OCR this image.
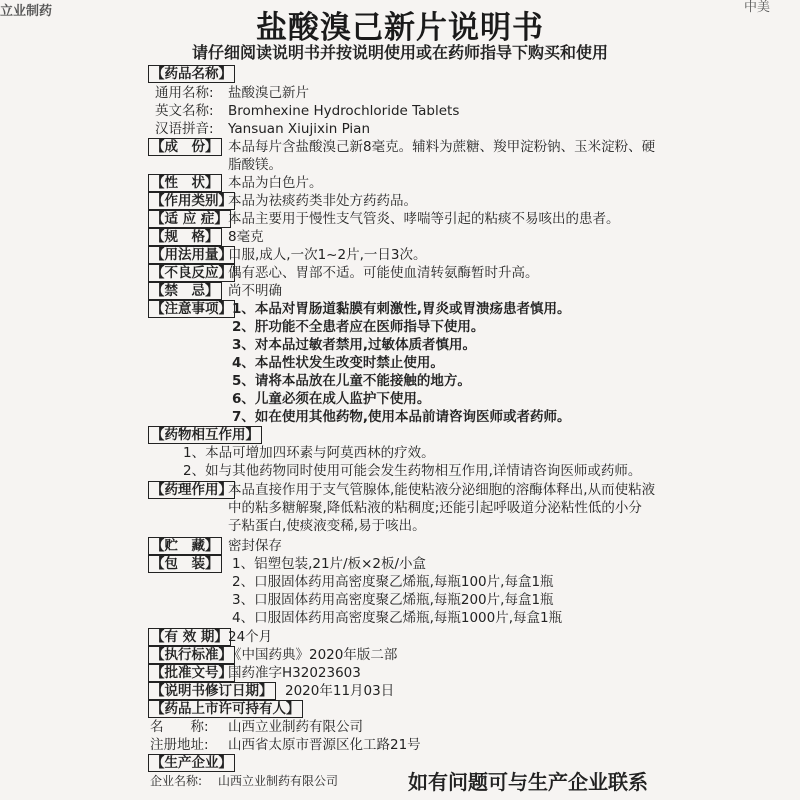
立业制药	中美
盐酸溴己新片说明书
请仔细阅读说明书并按说明使用或在药师指导下购买和使用
【药品名称】
通用名称: 盐酸溴己新片
英文名称: Bromhexine Hydrochloride Tablets
汉语拼音: Yansuan Xiujixin Pian
【成　份】 本品每片含盐酸溴己新8毫克。辅料为蔗糖、羧甲淀粉钠、玉米淀粉、硬
脂酸镁。
【性　状】 本品为白色片。
【作用类别】
本品为祛痰药类非处方药药品。
【适 应 症】 本品主要用于慢性支气管炎、哮喘等引起的粘痰不易咳出的患者。
【规　格】 8毫克
【用法用量】
口服,成人,一次1~2片,一日3次。
【不良反应】
偶有恶心、胃部不适。可能使血清转氨酶暂时升高。
【禁　忌】 尚不明确
【注意事项】 1、本品对胃肠道黏膜有刺激性,胃炎或胃溃疡患者慎用。
2、肝功能不全患者应在医师指导下使用。
3、对本品过敏者禁用,过敏体质者慎用。
4、本品性状发生改变时禁止使用。
5、请将本品放在儿童不能接触的地方。
6、儿童必须在成人监护下使用。
7、如在使用其他药物,使用本品前请咨询医师或者药师。
【药物相互作用】
1、本品可增加四环素与阿莫西林的疗效。
2、如与其他药物同时使用可能会发生药物相互作用,详情请咨询医师或药师。
【药理作用】
本品直接作用于支气管腺体,能使粘液分泌细胞的溶酶体释出,从而使粘液
中的粘多糖解聚,降低粘液的粘稠度;还能引起呼吸道分泌粘性低的小分
子粘蛋白,使痰液变稀,易于咳出。
【贮　藏】 密封保存
【包　装】 1、铝塑包装,21片/板×2板/小盒
2、口服固体药用高密度聚乙烯瓶,每瓶100片,每盒1瓶
3、口服固体药用高密度聚乙烯瓶,每瓶200片,每盒1瓶
4、口服固体药用高密度聚乙烯瓶,每瓶1000片,每盒1瓶
【有 效 期】 24个月
【执行标准】
《中国药典》2020年版二部
【批准文号】
国药准字H32023603
【说明书修订日期】 2020年11月03日
【药品上市许可持有人】
名　　称: 山西立业制药有限公司
注册地址: 山西省太原市晋源区化工路21号
【生产企业】
企业名称: 山西立业制药有限公司	如有问题可与生产企业联系
